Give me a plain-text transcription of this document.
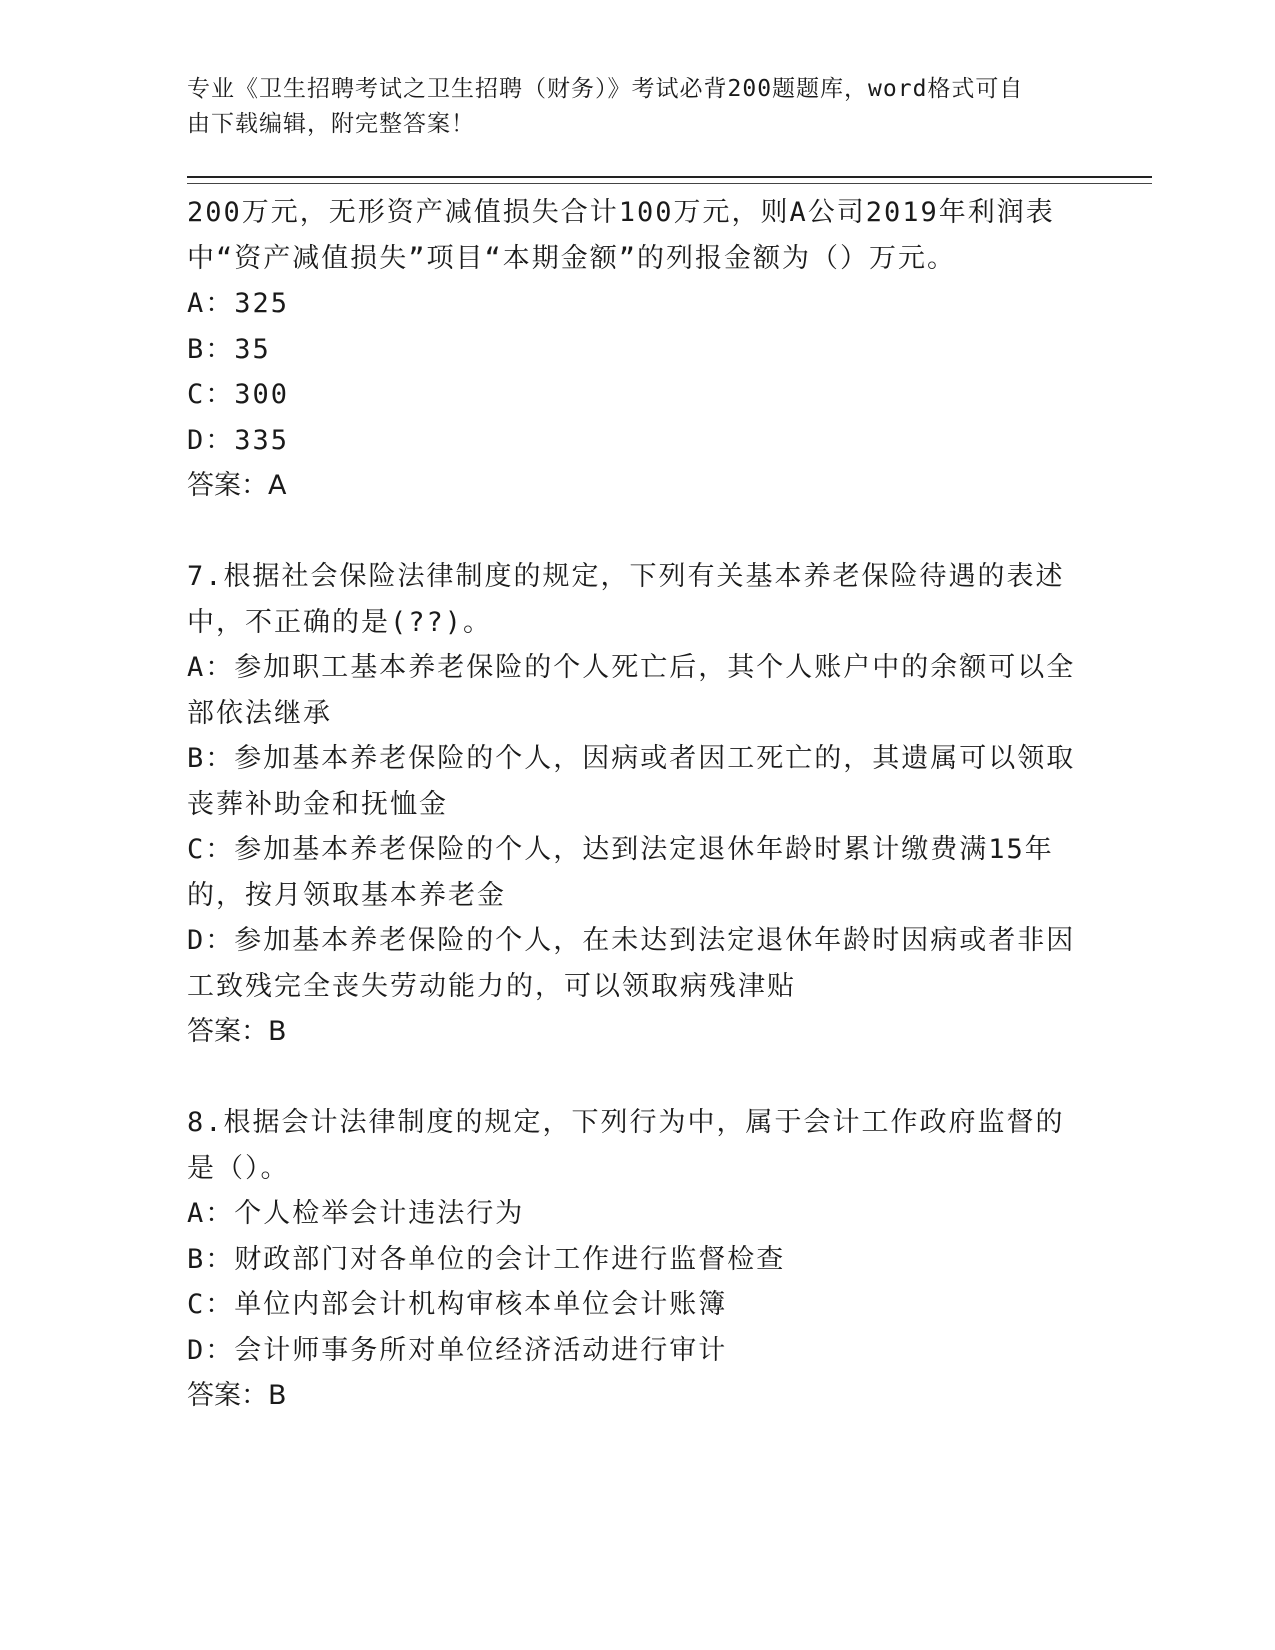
专业《卫生招聘考试之卫生招聘（财务）》考试必背200题题库，word格式可自
由下载编辑，附完整答案！
200万元，无形资产减值损失合计100万元，则A公司2019年利润表
中“资产减值损失”项目“本期金额”的列报金额为（）万元。
A：325
B：35
C：300
D：335
答案：A
7.根据社会保险法律制度的规定，下列有关基本养老保险待遇的表述
中，不正确的是(??)。
A：参加职工基本养老保险的个人死亡后，其个人账户中的余额可以全
部依法继承
B：参加基本养老保险的个人，因病或者因工死亡的，其遗属可以领取
丧葬补助金和抚恤金
C：参加基本养老保险的个人，达到法定退休年龄时累计缴费满15年
的，按月领取基本养老金
D：参加基本养老保险的个人，在未达到法定退休年龄时因病或者非因
工致残完全丧失劳动能力的，可以领取病残津贴
答案：B
8.根据会计法律制度的规定，下列行为中，属于会计工作政府监督的
是（）。
A：个人检举会计违法行为
B：财政部门对各单位的会计工作进行监督检查
C：单位内部会计机构审核本单位会计账簿
D：会计师事务所对单位经济活动进行审计
答案：B
